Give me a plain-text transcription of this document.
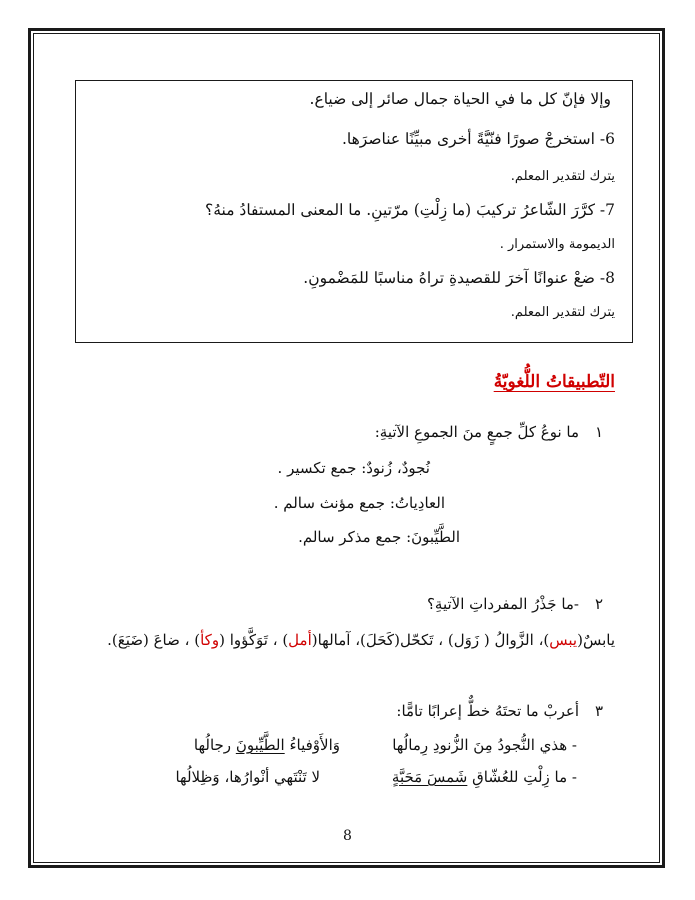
وإلا فإنّ كل ما في الحياة جمال صائر إلى ضياع.
6- استخرجْ صورًا فنّيَّةً أخرى مبيِّنًا عناصرَها.
يترك لتقدير المعلم.
7- كرَّرَ الشّاعرُ تركيبَ (ما زِلْتِ) مرّتينِ. ما المعنى المستفادُ منهُ؟
الديمومة والاستمرار .
8- ضعْ عنوانًا آخرَ للقصيدةِ تراهُ مناسبًا للمَضْمونِ.
يترك لتقدير المعلم.
التّطبيقاتُ اللُّغويّةُ
١
ما نوعُ كلِّ جمعٍ منَ الجموعِ الآتيةِ:
نُجودٌ، زُنودٌ: جمع تكسير .
العادِياتُ: جمع مؤنث سالم .
الطَّيِّبونَ: جمع مذكر سالم.
٢
-ما جَذْرُ المفرداتِ الآتيةِ؟
يابسٌ(يبس)، الزَّوالُ ( زَوَل) ، تَكحّل(كَحَلَ)، آمالها(أمل) ، تَوَكَّؤوا (وكأ) ، ضاعَ (ضَيَعَ).
٣
أعربْ ما تحتَهُ خطٌّ إعرابًا تامًّا:
- هذي النُّجودُ مِنَ الزُّنودِ رِمالُها
وَالأَوْفياءُ الطَّيِّبونَ رجالُها
- ما زِلْتِ للعُشّاقِ شَمسَ مَحَبَّةٍ
لا تَنْتَهي أنْوارُها، وَظِلالُها
8
